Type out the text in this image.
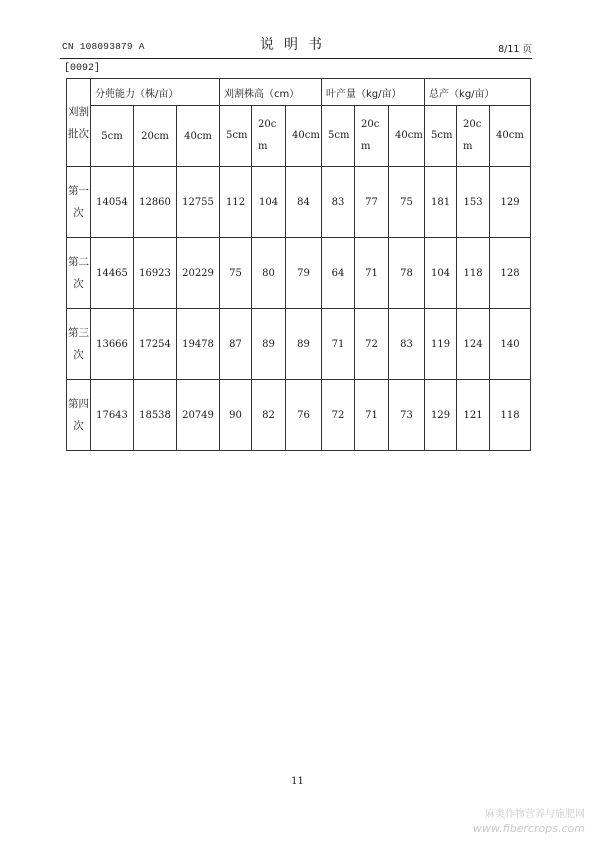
CN 108093879 A	说明书	8/11 页
[0092]
刈割批次	分蔸能力（株/亩）			刈割株高（cm）			叶产量（kg/亩）			总产（kg/亩）		
	5cm	20cm	40cm	5cm	20cm	40cm	5cm	20cm	40cm	5cm	20cm	40cm
第一次	14054	12860	12755	112	104	84	83	77	75	181	153	129
第二次	14465	16923	20229	75	80	79	64	71	78	104	118	128
第三次	13666	17254	19478	87	89	89	71	72	83	119	124	140
第四次	17643	18538	20749	90	82	76	72	71	73	129	121	118
11
麻类作物营养与施肥网
www.fibercrops.com
